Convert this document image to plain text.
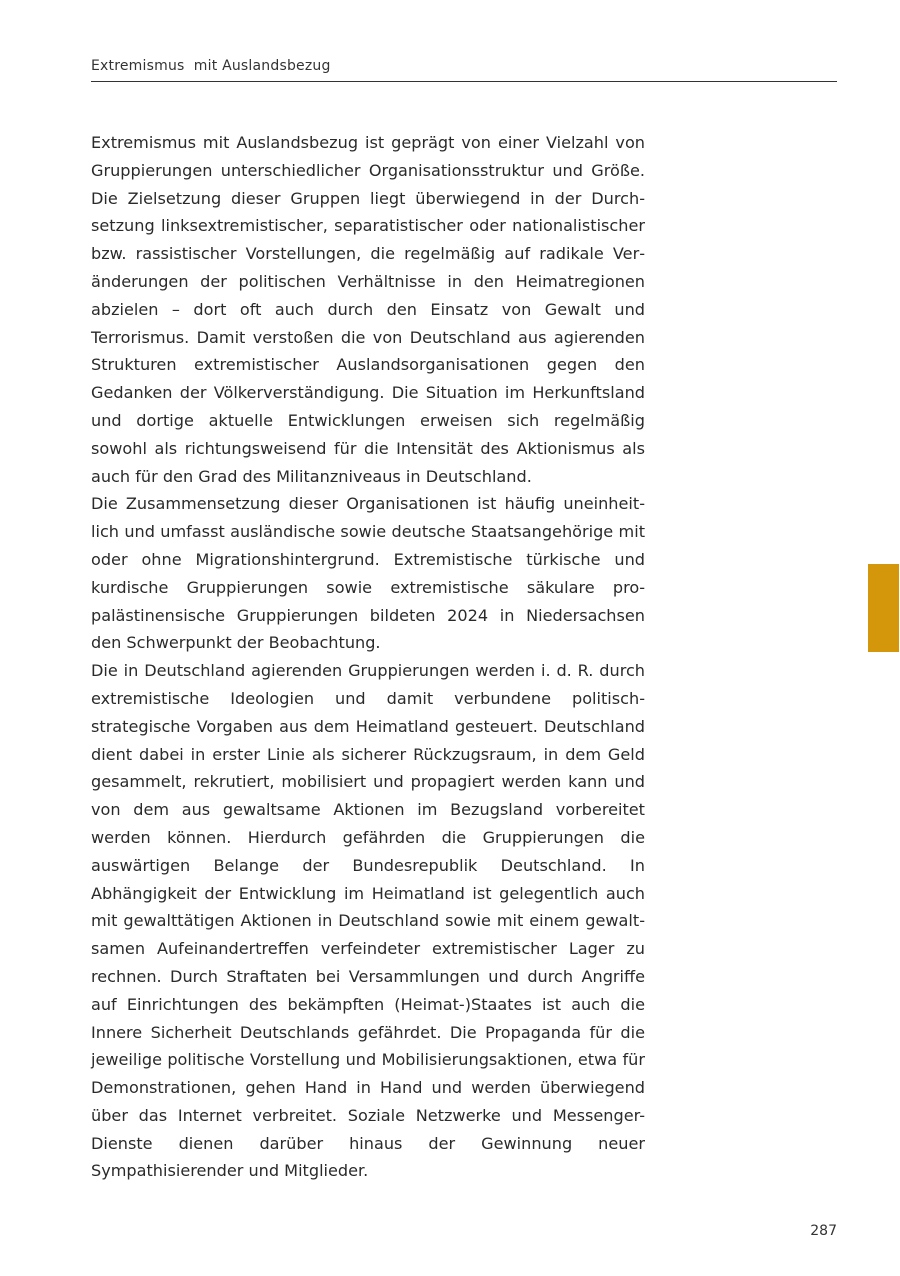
Extremismus  mit Auslandsbezug

Extremismus mit Auslandsbezug ist geprägt von einer Vielzahl von Gruppierungen unterschiedlicher Organisationsstruktur und Größe. Die Zielsetzung dieser Gruppen liegt überwiegend in der Durchsetzung linksextremistischer, separatistischer oder nationalistischer bzw. rassistischer Vorstellungen, die regelmäßig auf radikale Veränderungen der politischen Verhältnisse in den Heimatregionen abzielen – dort oft auch durch den Einsatz von Gewalt und Terrorismus. Damit verstoßen die von Deutschland aus agierenden Strukturen extremistischer Auslandsorganisationen gegen den Gedanken der Völkerverständigung. Die Situation im Herkunftsland und dortige aktuelle Entwicklungen erweisen sich regelmäßig sowohl als richtungsweisend für die Intensität des Aktionismus als auch für den Grad des Militanzniveaus in Deutschland.

Die Zusammensetzung dieser Organisationen ist häufig uneinheitlich und umfasst ausländische sowie deutsche Staatsangehörige mit oder ohne Migrationshintergrund. Extremistische türkische und kurdische Gruppierungen sowie extremistische säkulare propalästinensische Gruppierungen bildeten 2024 in Niedersachsen den Schwerpunkt der Beobachtung.

Die in Deutschland agierenden Gruppierungen werden i. d. R. durch extremistische Ideologien und damit verbundene politisch-strategische Vorgaben aus dem Heimatland gesteuert. Deutschland dient dabei in erster Linie als sicherer Rückzugsraum, in dem Geld gesammelt, rekrutiert, mobilisiert und propagiert werden kann und von dem aus gewaltsame Aktionen im Bezugsland vorbereitet werden können. Hierdurch gefährden die Gruppierungen die auswärtigen Belange der Bundesrepublik Deutschland. In Abhängigkeit der Entwicklung im Heimatland ist gelegentlich auch mit gewalttätigen Aktionen in Deutschland sowie mit einem gewaltsamen Aufeinandertreffen verfeindeter extremistischer Lager zu rechnen. Durch Straftaten bei Versammlungen und durch Angriffe auf Einrichtungen des bekämpften (Heimat-)Staates ist auch die Innere Sicherheit Deutschlands gefährdet. Die Propaganda für die jeweilige politische Vorstellung und Mobilisierungsaktionen, etwa für Demonstrationen, gehen Hand in Hand und werden überwiegend über das Internet verbreitet. Soziale Netzwerke und Messenger-Dienste dienen darüber hinaus der Gewinnung neuer Sympathisierender und Mitglieder.

287
